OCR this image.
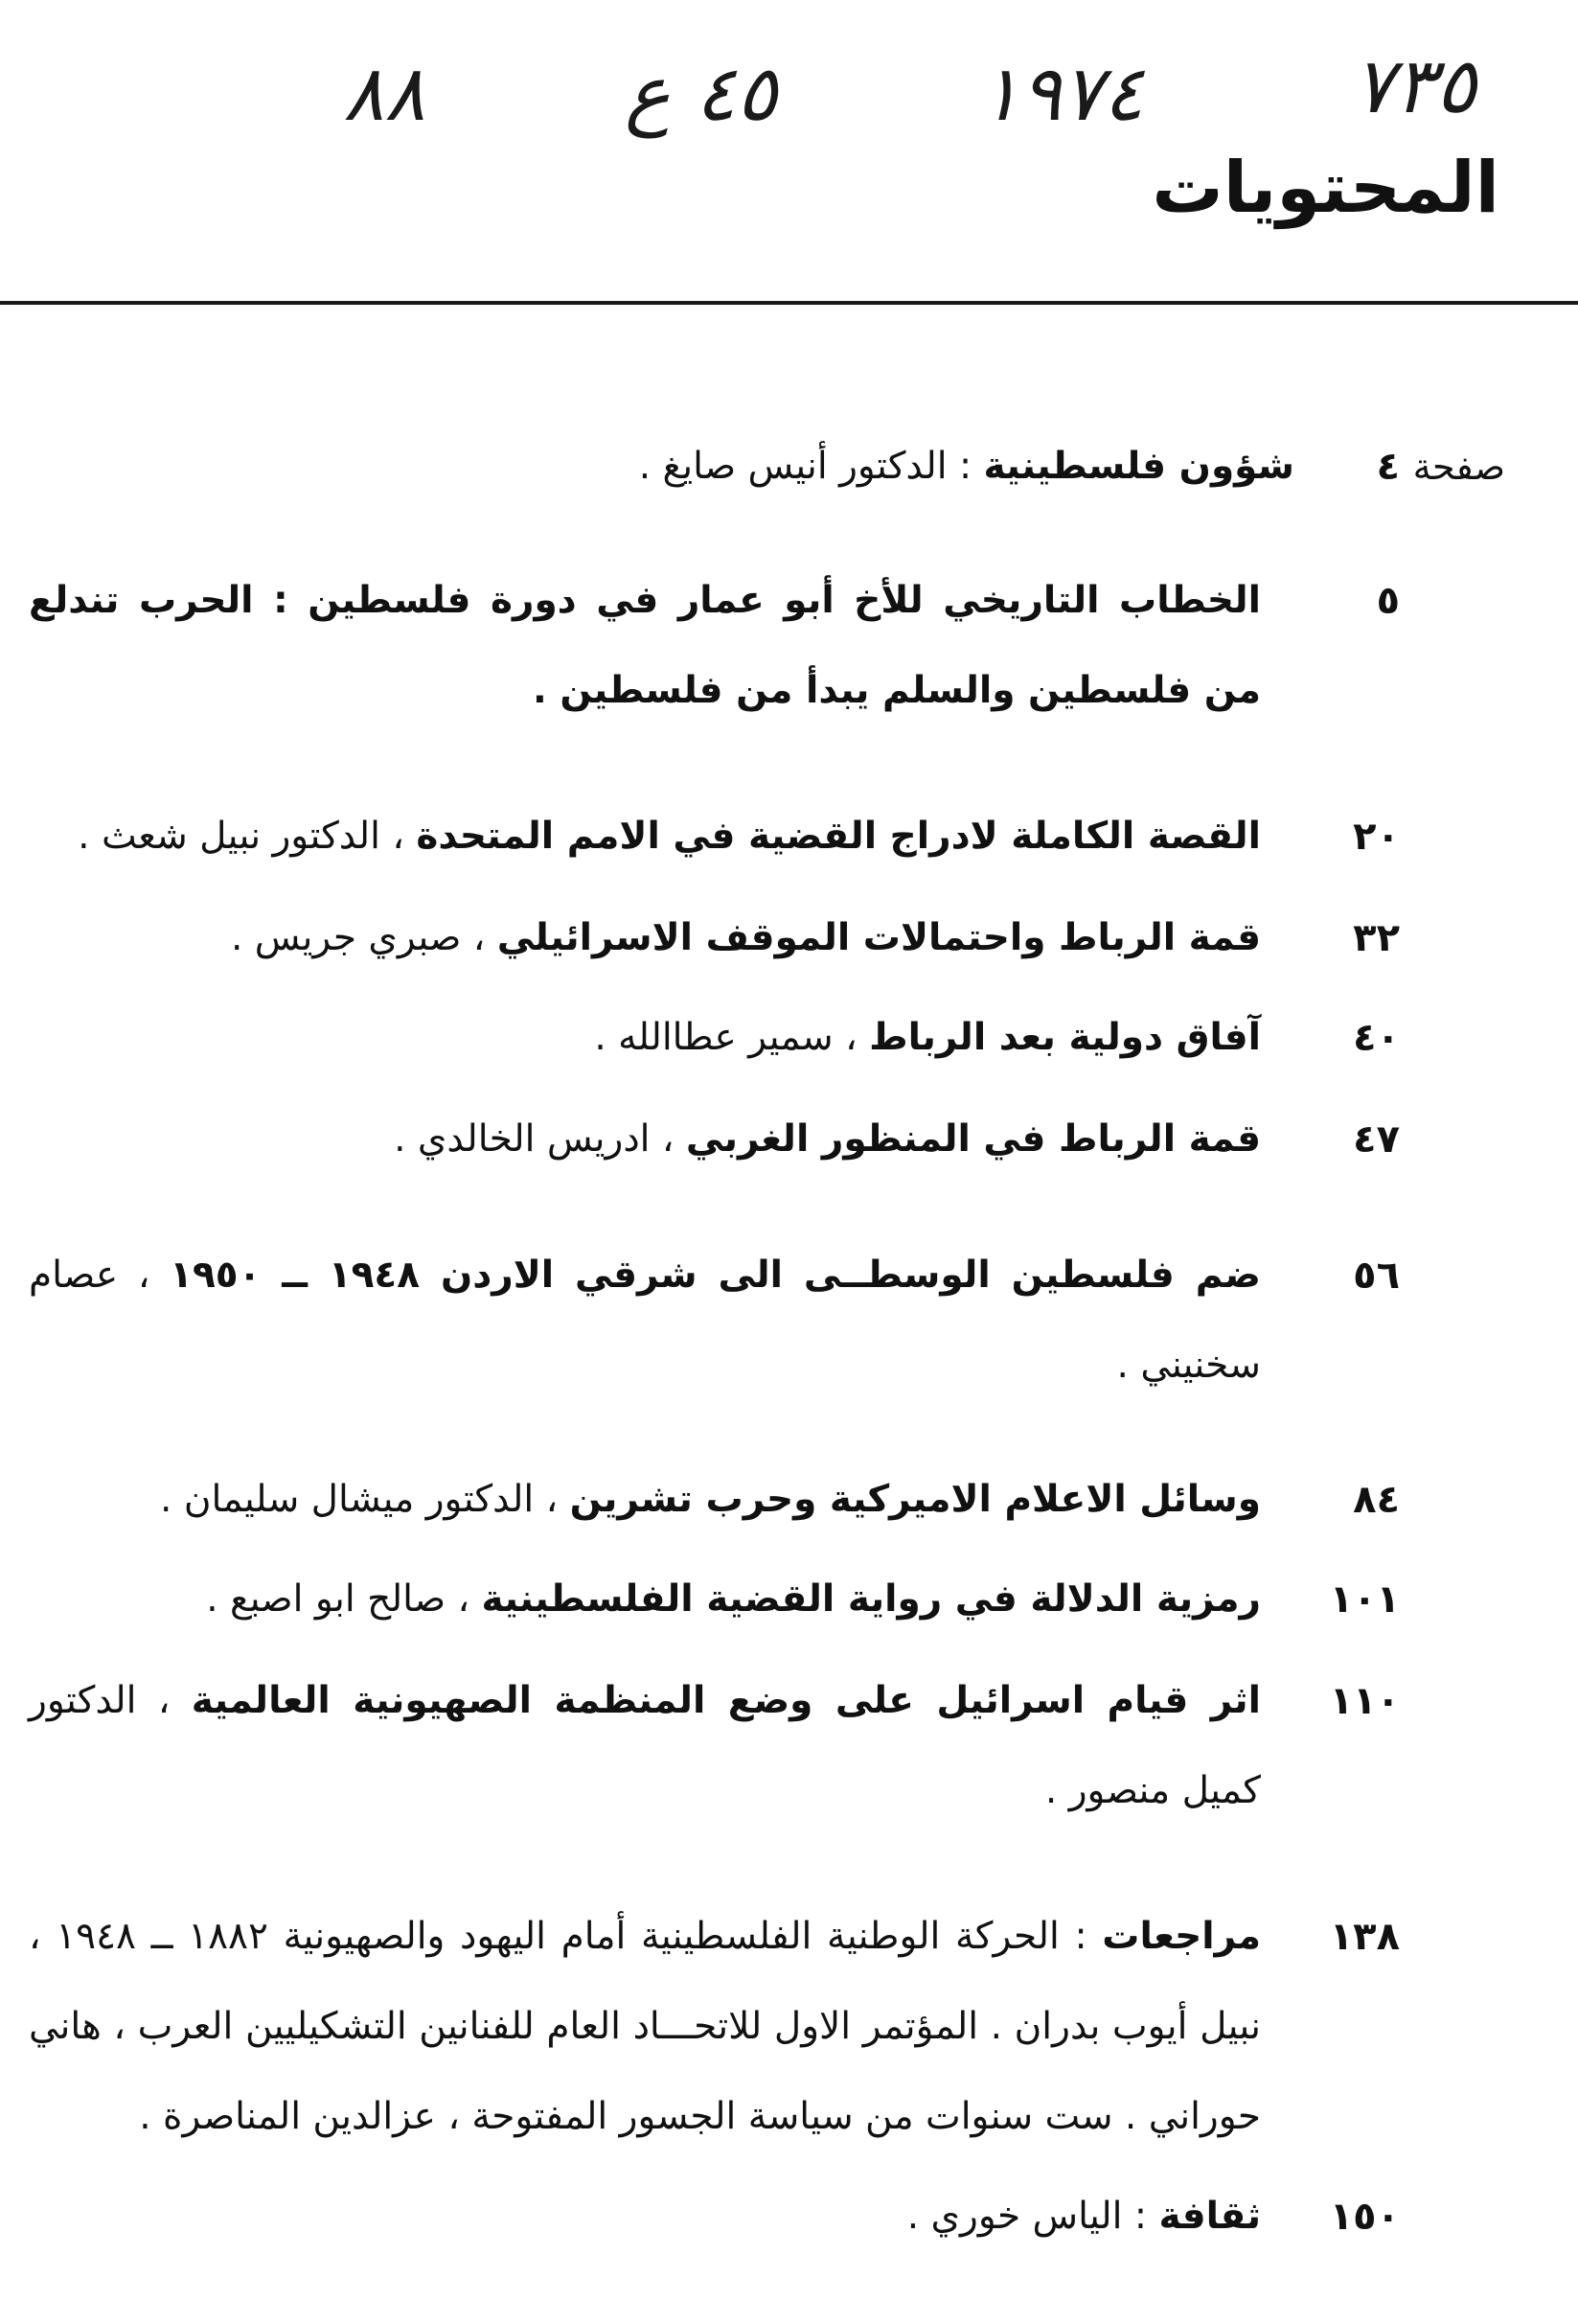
٨٨	٤٥ ع	١٩٧٤	٧٣٥
المحتويات
صفحة
٤
شؤون فلسطينية : الدكتور أنيس صايغ .
٥
الخطاب التاريخي للأخ أبو عمار في دورة فلسطين : الحرب تندلع من فلسطين والسلم يبدأ من فلسطين .
٢٠
القصة الكاملة لادراج القضية في الامم المتحدة ، الدكتور نبيل شعث .
٣٢
قمة الرباط واحتمالات الموقف الاسرائيلي ، صبري جريس .
٤٠
آفاق دولية بعد الرباط ، سمير عطاالله .
٤٧
قمة الرباط في المنظور الغربي ، ادريس الخالدي .
٥٦
ضم فلسطين الوسطــى الى شرقي الاردن ١٩٤٨ ــ ١٩٥٠ ، عصام سخنيني .
٨٤
وسائل الاعلام الاميركية وحرب تشرين ، الدكتور ميشال سليمان .
١٠١
رمزية الدلالة في رواية القضية الفلسطينية ، صالح ابو اصبع .
١١٠
اثر قيام اسرائيل على وضع المنظمة الصهيونية العالمية ، الدكتور كميل منصور .
١٣٨
مراجعات : الحركة الوطنية الفلسطينية أمام اليهود والصهيونية ١٨٨٢ ــ ١٩٤٨ ، نبيل أيوب بدران . المؤتمر الاول للاتحـــاد العام للفنانين التشكيليين العرب ، هاني حوراني . ست سنوات من سياسة الجسور المفتوحة ، عزالدين المناصرة .
١٥٠
ثقافة : الياس خوري .
